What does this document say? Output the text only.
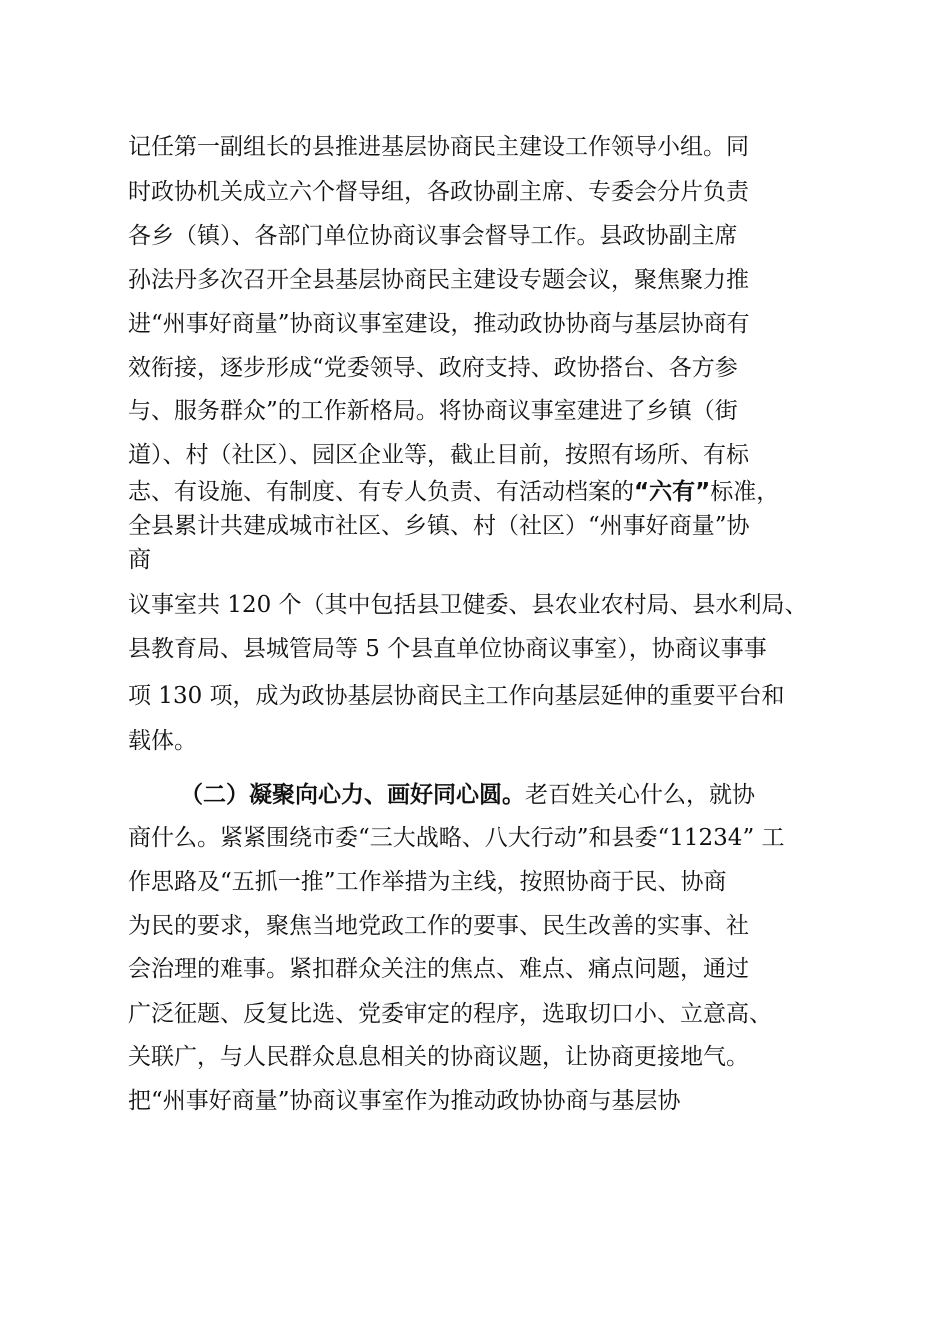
记任第一副组长的县推进基层协商民主建设工作领导小组。同

时政协机关成立六个督导组，各政协副主席、专委会分片负责

各乡（镇）、各部门单位协商议事会督导工作。县政协副主席

孙法丹多次召开全县基层协商民主建设专题会议，聚焦聚力推

进“州事好商量”协商议事室建设，推动政协协商与基层协商有

效衔接，逐步形成“党委领导、政府支持、政协搭台、各方参

与、服务群众”的工作新格局。将协商议事室建进了乡镇（街

道）、村（社区）、园区企业等，截止目前，按照有场所、有标

志、有设施、有制度、有专人负责、有活动档案的“六有”标准，

全县累计共建成城市社区、乡镇、村（社区）“州事好商量”协

商

议事室共 120 个（其中包括县卫健委、县农业农村局、县水利局、

县教育局、县城管局等 5 个县直单位协商议事室），协商议事事

项 130 项，成为政协基层协商民主工作向基层延伸的重要平台和

载体。

（二）凝聚向心力、画好同心圆。老百姓关心什么，就协

商什么。紧紧围绕市委“三大战略、八大行动”和县委“11234” 工

作思路及“五抓一推”工作举措为主线，按照协商于民、协商

为民的要求，聚焦当地党政工作的要事、民生改善的实事、社

会治理的难事。紧扣群众关注的焦点、难点、痛点问题，通过

广泛征题、反复比选、党委审定的程序，选取切口小、立意高、

关联广，与人民群众息息相关的协商议题，让协商更接地气。

把“州事好商量”协商议事室作为推动政协协商与基层协
